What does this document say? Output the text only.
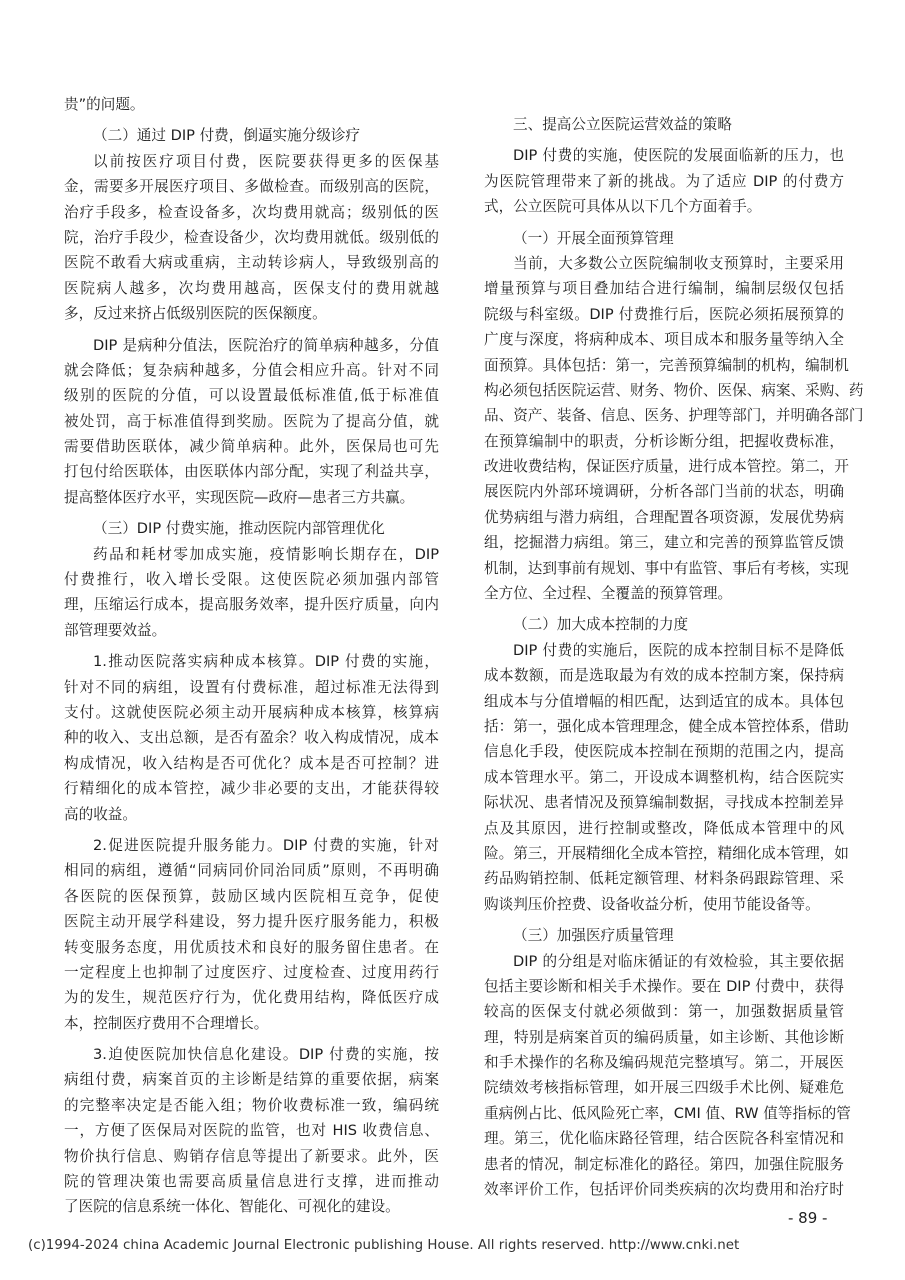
贵”的问题。
（二）通过 DIP 付费，倒逼实施分级诊疗
以前按医疗项目付费，医院要获得更多的医保基
金，需要多开展医疗项目、多做检查。而级别高的医院，
治疗手段多，检查设备多，次均费用就高；级别低的医
院，治疗手段少，检查设备少，次均费用就低。级别低的
医院不敢看大病或重病，主动转诊病人，导致级别高的
医院病人越多，次均费用越高，医保支付的费用就越
多，反过来挤占低级别医院的医保额度。
DIP 是病种分值法，医院治疗的简单病种越多，分值
就会降低；复杂病种越多，分值会相应升高。针对不同
级别的医院的分值，可以设置最低标准值,低于标准值
被处罚，高于标准值得到奖励。医院为了提高分值，就
需要借助医联体，减少简单病种。此外，医保局也可先
打包付给医联体，由医联体内部分配，实现了利益共享，
提高整体医疗水平，实现医院—政府—患者三方共赢。
（三）DIP 付费实施，推动医院内部管理优化
药品和耗材零加成实施，疫情影响长期存在，DIP
付费推行，收入增长受限。这使医院必须加强内部管
理，压缩运行成本，提高服务效率，提升医疗质量，向内
部管理要效益。
1.推动医院落实病种成本核算。DIP 付费的实施，
针对不同的病组，设置有付费标准，超过标准无法得到
支付。这就使医院必须主动开展病种成本核算，核算病
种的收入、支出总额，是否有盈余？收入构成情况，成本
构成情况，收入结构是否可优化？成本是否可控制？进
行精细化的成本管控，减少非必要的支出，才能获得较
高的收益。
2.促进医院提升服务能力。DIP 付费的实施，针对
相同的病组，遵循“同病同价同治同质”原则，不再明确
各医院的医保预算，鼓励区域内医院相互竞争，促使
医院主动开展学科建设，努力提升医疗服务能力，积极
转变服务态度，用优质技术和良好的服务留住患者。在
一定程度上也抑制了过度医疗、过度检查、过度用药行
为的发生，规范医疗行为，优化费用结构，降低医疗成
本，控制医疗费用不合理增长。
3.迫使医院加快信息化建设。DIP 付费的实施，按
病组付费，病案首页的主诊断是结算的重要依据，病案
的完整率决定是否能入组；物价收费标准一致，编码统
一，方便了医保局对医院的监管，也对 HIS 收费信息、
物价执行信息、购销存信息等提出了新要求。此外，医
院的管理决策也需要高质量信息进行支撑，进而推动
了医院的信息系统一体化、智能化、可视化的建设。
三、提高公立医院运营效益的策略
DIP 付费的实施，使医院的发展面临新的压力，也
为医院管理带来了新的挑战。为了适应 DIP 的付费方
式，公立医院可具体从以下几个方面着手。
（一）开展全面预算管理
当前，大多数公立医院编制收支预算时，主要采用
增量预算与项目叠加结合进行编制，编制层级仅包括
院级与科室级。DIP 付费推行后，医院必须拓展预算的
广度与深度，将病种成本、项目成本和服务量等纳入全
面预算。具体包括：第一，完善预算编制的机构，编制机
构必须包括医院运营、财务、物价、医保、病案、采购、药
品、资产、装备、信息、医务、护理等部门，并明确各部门
在预算编制中的职责，分析诊断分组，把握收费标准，
改进收费结构，保证医疗质量，进行成本管控。第二，开
展医院内外部环境调研，分析各部门当前的状态，明确
优势病组与潜力病组，合理配置各项资源，发展优势病
组，挖掘潜力病组。第三，建立和完善的预算监管反馈
机制，达到事前有规划、事中有监管、事后有考核，实现
全方位、全过程、全覆盖的预算管理。
（二）加大成本控制的力度
DIP 付费的实施后，医院的成本控制目标不是降低
成本数额，而是选取最为有效的成本控制方案，保持病
组成本与分值增幅的相匹配，达到适宜的成本。具体包
括：第一，强化成本管理理念，健全成本管控体系，借助
信息化手段，使医院成本控制在预期的范围之内，提高
成本管理水平。第二，开设成本调整机构，结合医院实
际状况、患者情况及预算编制数据，寻找成本控制差异
点及其原因，进行控制或整改，降低成本管理中的风
险。第三，开展精细化全成本管控，精细化成本管理，如
药品购销控制、低耗定额管理、材料条码跟踪管理、采
购谈判压价控费、设备收益分析，使用节能设备等。
（三）加强医疗质量管理
DIP 的分组是对临床循证的有效检验，其主要依据
包括主要诊断和相关手术操作。要在 DIP 付费中，获得
较高的医保支付就必须做到：第一，加强数据质量管
理，特别是病案首页的编码质量，如主诊断、其他诊断
和手术操作的名称及编码规范完整填写。第二，开展医
院绩效考核指标管理，如开展三四级手术比例、疑难危
重病例占比、低风险死亡率，CMI 值、RW 值等指标的管
理。第三，优化临床路径管理，结合医院各科室情况和
患者的情况，制定标准化的路径。第四，加强住院服务
效率评价工作，包括评价同类疾病的次均费用和治疗时
- 89 -
(c)1994-2024 china Academic Journal Electronic publishing House. All rights reserved. http://www.cnki.net
